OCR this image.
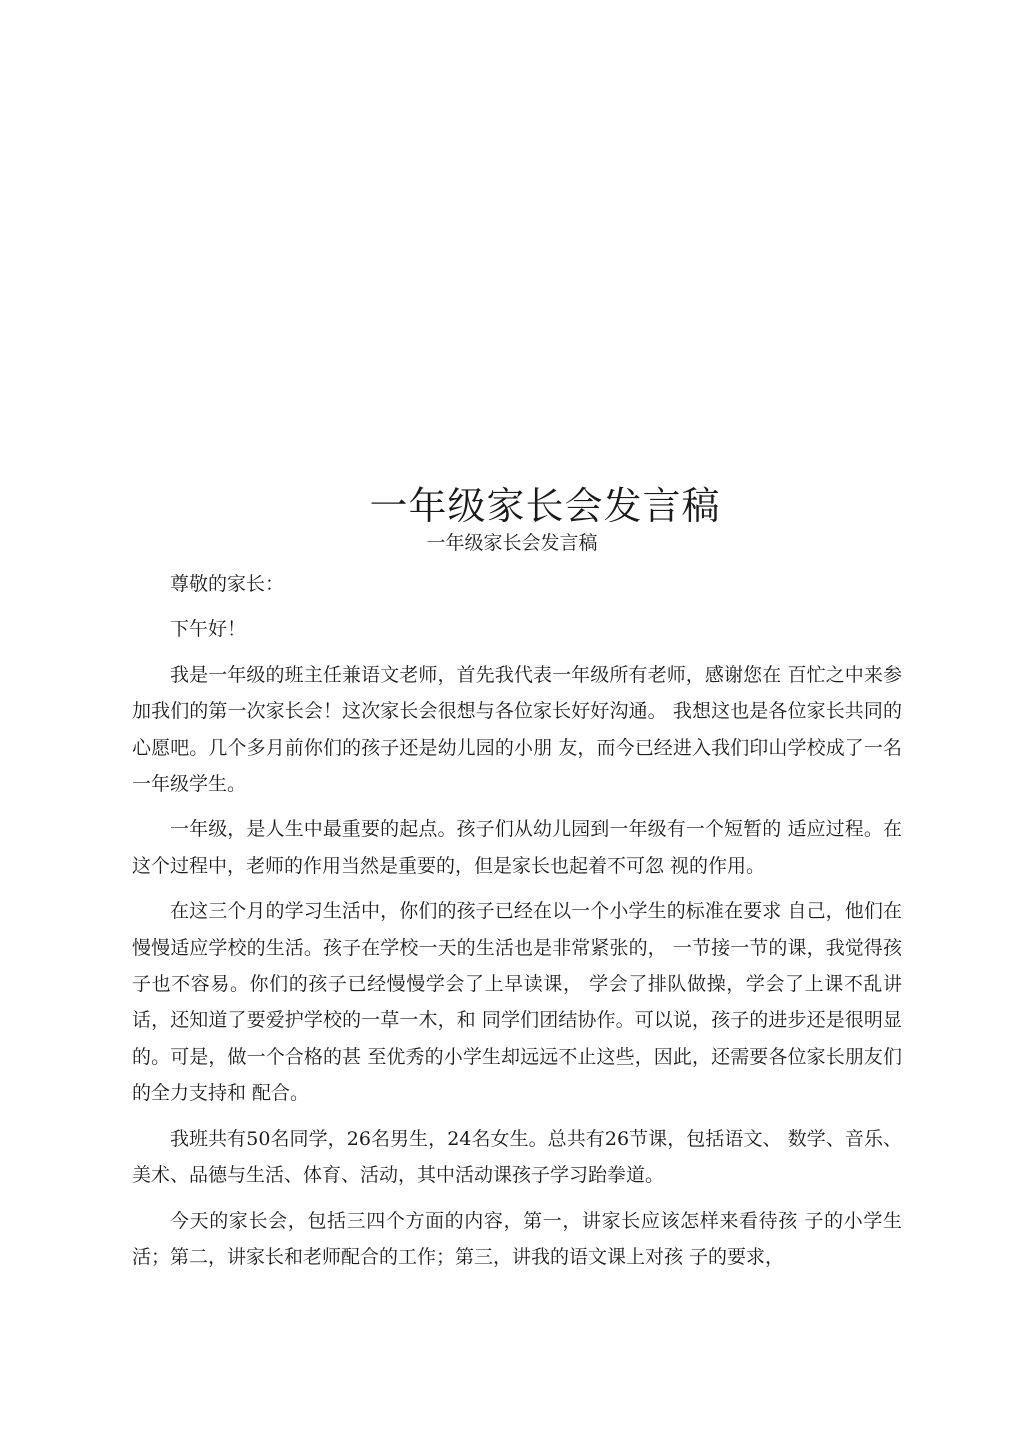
一年级家长会发言稿
一年级家长会发言稿

尊敬的家长：

下午好！

我是一年级的班主任兼语文老师，首先我代表一年级所有老师，感谢您在 百忙之中来参加我们的第一次家长会！这次家长会很想与各位家长好好沟通。 我想这也是各位家长共同的心愿吧。几个多月前你们的孩子还是幼儿园的小朋 友，而今已经进入我们印山学校成了一名一年级学生。

一年级，是人生中最重要的起点。孩子们从幼儿园到一年级有一个短暂的 适应过程。在这个过程中，老师的作用当然是重要的，但是家长也起着不可忽 视的作用。

在这三个月的学习生活中，你们的孩子已经在以一个小学生的标准在要求 自己，他们在慢慢适应学校的生活。孩子在学校一天的生活也是非常紧张的， 一节接一节的课，我觉得孩子也不容易。你们的孩子已经慢慢学会了上早读课， 学会了排队做操，学会了上课不乱讲话，还知道了要爱护学校的一草一木，和 同学们团结协作。可以说，孩子的进步还是很明显的。可是，做一个合格的甚 至优秀的小学生却远远不止这些，因此，还需要各位家长朋友们的全力支持和 配合。

我班共有50名同学，26名男生，24名女生。总共有26节课，包括语文、 数学、音乐、美术、品德与生活、体育、活动，其中活动课孩子学习跆拳道。

今天的家长会，包括三四个方面的内容，第一，讲家长应该怎样来看待孩 子的小学生活；第二，讲家长和老师配合的工作；第三，讲我的语文课上对孩 子的要求，
